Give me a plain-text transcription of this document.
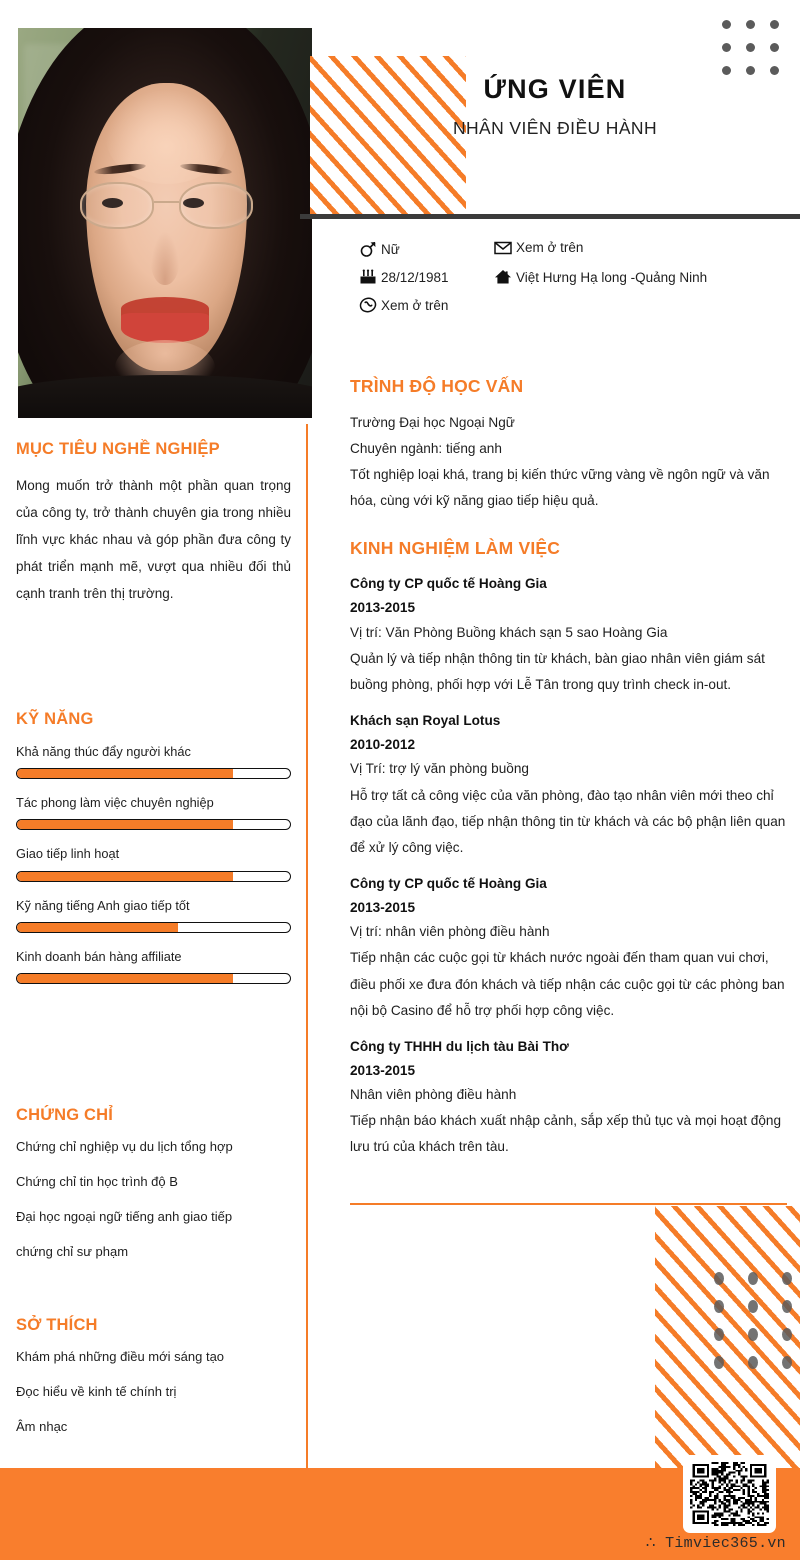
MỤC TIÊU NGHỀ NGHIỆP
Mong muốn trở thành một phần quan trọng của công ty, trở thành chuyên gia trong nhiều lĩnh vực khác nhau và góp phần đưa công ty phát triển mạnh mẽ, vượt qua nhiều đối thủ cạnh tranh trên thị trường.
KỸ NĂNG
Khả năng thúc đẩy người khác
Tác phong làm việc chuyên nghiệp
Giao tiếp linh hoạt
Kỹ năng tiếng Anh giao tiếp tốt
Kinh doanh bán hàng affiliate
CHỨNG CHỈ
Chứng chỉ nghiệp vụ du lịch tổng hợp
Chứng chỉ tin học trình độ B
Đại học ngoại ngữ tiếng anh giao tiếp
chứng chỉ sư phạm
SỞ THÍCH
Khám phá những điều mới sáng tạo
Đọc hiểu về kinh tế chính trị
Âm nhạc
ỨNG VIÊN
NHÂN VIÊN ĐIỀU HÀNH
Nữ	Xem ở trên
28/12/1981	Việt Hưng Hạ long -Quảng Ninh
Xem ở trên
TRÌNH ĐỘ HỌC VẤN
Trường Đại học Ngoại Ngữ
Chuyên ngành: tiếng anh
Tốt nghiệp loại khá, trang bị kiến thức vững vàng về ngôn ngữ và văn hóa, cùng với kỹ năng giao tiếp hiệu quả.
KINH NGHIỆM LÀM VIỆC
Công ty CP quốc tế Hoàng Gia
2013-2015
Vị trí: Văn Phòng Buồng khách sạn 5 sao Hoàng Gia
Quản lý và tiếp nhận thông tin từ khách, bàn giao nhân viên giám sát buồng phòng, phối hợp với Lễ Tân trong quy trình check in-out.
Khách sạn Royal Lotus
2010-2012
Vị Trí: trợ lý văn phòng buồng
Hỗ trợ tất cả công việc của văn phòng, đào tạo nhân viên mới theo chỉ đạo của lãnh đạo, tiếp nhận thông tin từ khách và các bộ phận liên quan để xử lý công việc.
Công ty CP quốc tế Hoàng Gia
2013-2015
Vị trí: nhân viên phòng điều hành
Tiếp nhận các cuộc gọi từ khách nước ngoài đến tham quan vui chơi, điều phối xe đưa đón khách và tiếp nhận các cuộc gọi từ các phòng ban nội bộ Casino để hỗ trợ phối hợp công việc.
Công ty THHH du lịch tàu Bài Thơ
2013-2015
Nhân viên phòng điều hành
Tiếp nhận báo khách xuất nhập cảnh, sắp xếp thủ tục và mọi hoạt động lưu trú của khách trên tàu.
∴ Timviec365.vn
